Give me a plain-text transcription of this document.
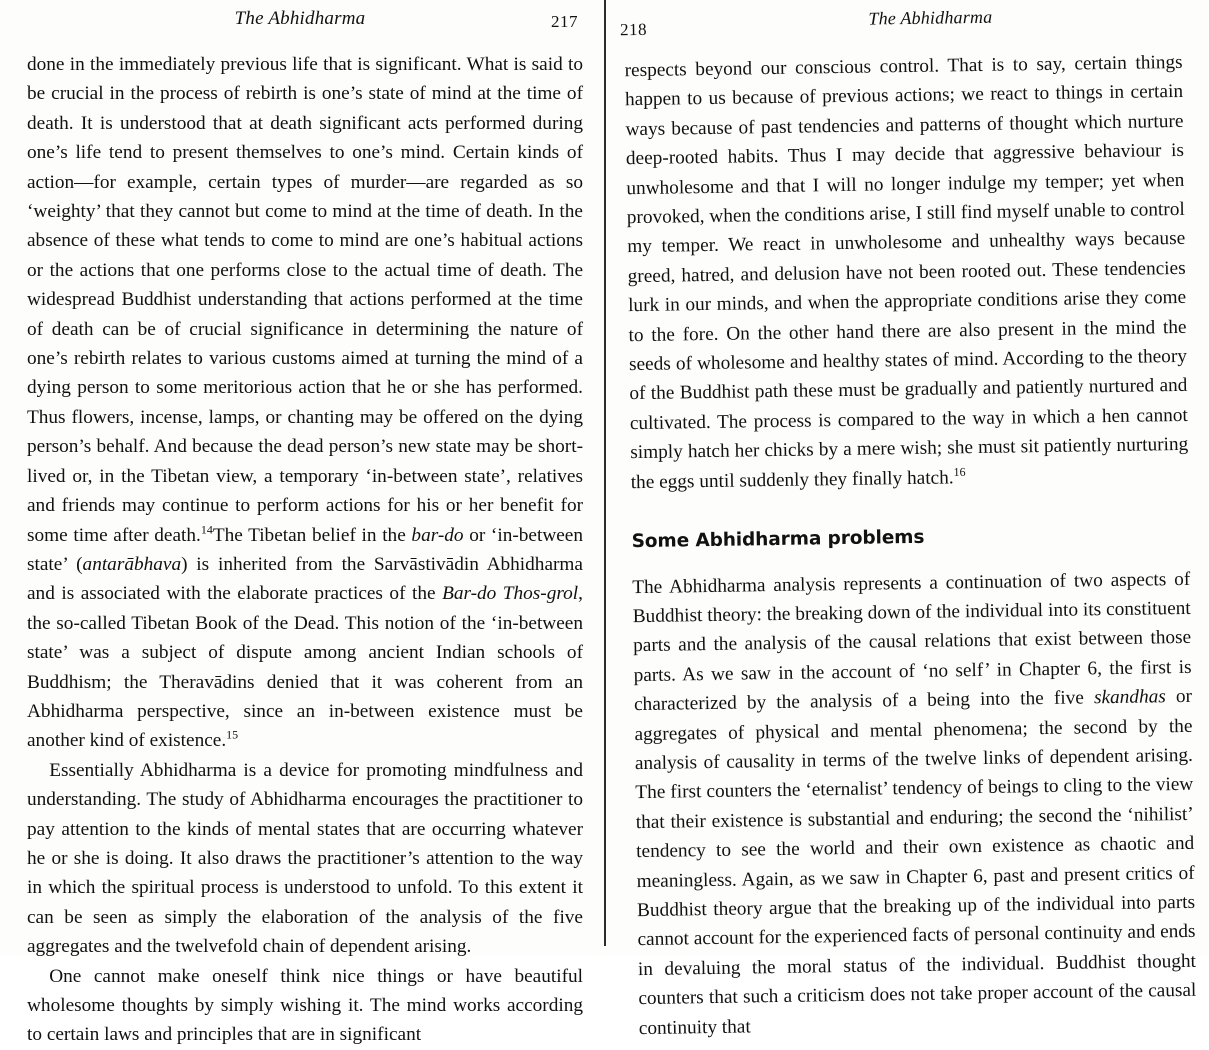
The Abhidharma	217

done in the immediately previous life that is significant. What is said to be crucial in the process of rebirth is one’s state of mind at the time of death. It is understood that at death significant acts performed during one’s life tend to present themselves to one’s mind. Certain kinds of action—for example, certain types of murder—are regarded as so ‘weighty’ that they cannot but come to mind at the time of death. In the absence of these what tends to come to mind are one’s habitual actions or the actions that one performs close to the actual time of death. The widespread Buddhist understanding that actions performed at the time of death can be of crucial significance in determining the nature of one’s rebirth relates to various customs aimed at turning the mind of a dying person to some meritorious action that he or she has performed. Thus flowers, incense, lamps, or chanting may be offered on the dying person’s behalf. And because the dead person’s new state may be short-lived or, in the Tibetan view, a temporary ‘in-between state’, relatives and friends may continue to perform actions for his or her benefit for some time after death.$^{14}$The Tibetan belief in the bar-do or ‘in-between state’ (antarābhava) is inherited from the Sarvāstivādin Abhidharma and is associated with the elaborate practices of the Bar-do Thos-grol, the so-called Tibetan Book of the Dead. This notion of the ‘in-between state’ was a subject of dispute among ancient Indian schools of Buddhism; the Theravādins denied that it was coherent from an Abhidharma perspective, since an in-between existence must be another kind of existence.$^{15}$

Essentially Abhidharma is a device for promoting mindfulness and understanding. The study of Abhidharma encourages the practitioner to pay attention to the kinds of mental states that are occurring whatever he or she is doing. It also draws the practitioner’s attention to the way in which the spiritual process is understood to unfold. To this extent it can be seen as simply the elaboration of the analysis of the five aggregates and the twelvefold chain of dependent arising.

One cannot make oneself think nice things or have beautiful wholesome thoughts by simply wishing it. The mind works according to certain laws and principles that are in significant

218
The Abhidharma

respects beyond our conscious control. That is to say, certain things happen to us because of previous actions; we react to things in certain ways because of past tendencies and patterns of thought which nurture deep-rooted habits. Thus I may decide that aggressive behaviour is unwholesome and that I will no longer indulge my temper; yet when provoked, when the conditions arise, I still find myself unable to control my temper. We react in unwholesome and unhealthy ways because greed, hatred, and delusion have not been rooted out. These tendencies lurk in our minds, and when the appropriate conditions arise they come to the fore. On the other hand there are also present in the mind the seeds of wholesome and healthy states of mind. According to the theory of the Buddhist path these must be gradually and patiently nurtured and cultivated. The process is compared to the way in which a hen cannot simply hatch her chicks by a mere wish; she must sit patiently nurturing the eggs until suddenly they finally hatch.$^{16}$

Some Abhidharma problems

The Abhidharma analysis represents a continuation of two aspects of Buddhist theory: the breaking down of the individual into its constituent parts and the analysis of the causal relations that exist between those parts. As we saw in the account of ‘no self’ in Chapter 6, the first is characterized by the analysis of a being into the five skandhas or aggregates of physical and mental phenomena; the second by the analysis of causality in terms of the twelve links of dependent arising. The first counters the ‘eternalist’ tendency of beings to cling to the view that their existence is substantial and enduring; the second the ‘nihilist’ tendency to see the world and their own existence as chaotic and meaningless. Again, as we saw in Chapter 6, past and present critics of Buddhist theory argue that the breaking up of the individual into parts cannot account for the experienced facts of personal continuity and ends in devaluing the moral status of the individual. Buddhist thought counters that such a criticism does not take proper account of the causal continuity that
